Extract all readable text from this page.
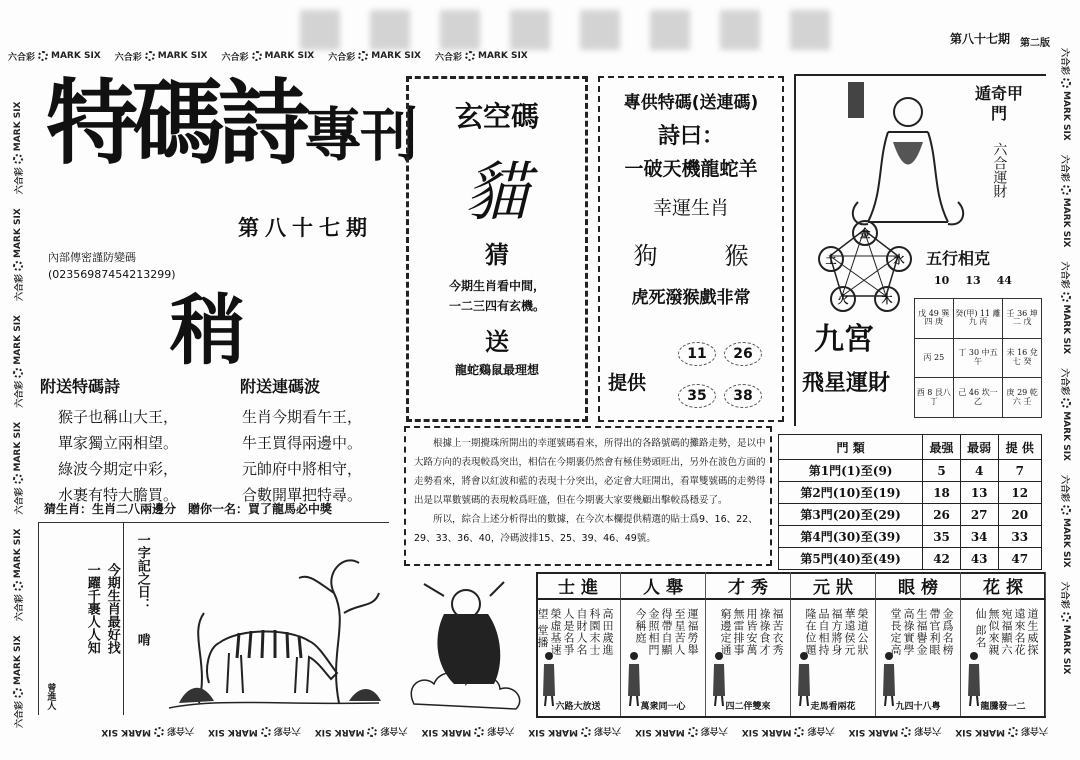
六合彩 MARK SIX 六合彩 MARK SIX 六合彩 MARK SIX 六合彩 MARK SIX 六合彩 MARK SIX
六合彩
MARK SIX
六合彩
MARK SIX
六合彩
MARK SIX
六合彩
MARK SIX
六合彩
MARK SIX
六合彩
MARK SIX
六合彩
MARK SIX
六合彩
MARK SIX
六合彩
MARK SIX
六合彩
MARK SIX
六合彩
MARK SIX
六合彩
MARK SIX
六合彩
MARK SIX
六合彩
MARK SIX
六合彩
MARK SIX
六合彩
MARK SIX
六合彩
MARK SIX
六合彩
MARK SIX
六合彩
MARK SIX
六合彩
MARK SIX
六合彩
MARK SIX
第八十七期 第二版
特碼詩專刊
第八十七期
內部傳密謹防變碼
(02356987454213299)
稍
附送特碼詩
猴子也稱山大王，
單家獨立兩相望。
綠波今期定中彩，
水裹有特大膽買。
附送連碼波
生肖今期看午王，
牛王買得兩邊中。
元帥府中將相守，
合數開單把特尋。
猜生肖：生肖二八兩邊分　贈你一名：買了龍馬必中獎
一躍千裹人人知 今期生肖最好找
曾進人
一字記之日：
啃
玄空碼
貓
猜
今期生肖看中間，
一二三四有玄機。
送
龍蛇鷄鼠最理想
專供特碼(送連碼)
詩曰：
一破天機龍蛇羊
幸運生肖
狗	猴
虎死潑猴戲非常
提供
11	26
35	38
遁奇甲門
六合運財
金
水
木
火
土	五行相克
10 13 44
九宮
飛星運財
戊 49 巽四 庚	癸(甲) 11 離九 丙	壬 36 坤二 戊
丙 25	丁 30 中五 午	未 16 兌七 癸
酉 8 艮八 丁	己 46 坎一 乙	庚 29 乾六 壬
根據上一期攪珠所開出的幸運號碼看來，所得出的各路號碼的攤路走勢，是以中大路方向的表現較爲突出，相信在今期裹仍然會有極佳勢頭旺出，另外在波色方面的走勢看來，將會以紅波和藍的表現十分突出，必定會大旺開出，看單雙號碼的走勢得出是以單數號碼的表現較爲旺盛，但在今期裹大家要幾顧出擊較爲穩妥了。
所以，綜合上述分析得出的數據，在今次本欄提供精選的貼士爲9、16、22、29、33、36、40，冷碼波排15、25、39、46、49號。
門 類	最强	最弱	提 供
第1門(1)至(9)	5	4	7
第2門(10)至(19)	18	13	12
第3門(20)至(29)	26	27	20
第4門(30)至(39)	35	34	33
第5門(40)至(49)	42	43	47
士 進
高田歲進
科園末士
自財人名
人是名爭
榮虛基速
望 堂播
六路大放送
人 舉
運福勞舉
至星苦人
得帶自顯
金照相門
今稱庭
萬衆同一心
才 秀
福苦衣秀
祿祿食才
用皆安萬
無雷排事
窮邊定通
四二伴雙來
元 狀
榮道公狀
華遠侯元
福方將身
品自相持
隆在位題
走馬看兩花
眼 榜
金爲名榜
帶官利眼
生福譽金
高祿實學
堂長定高
九四十八粤
花 探
道生威探
遠來名花
宛福顯六
無似來親
仙 郎名
龍騰發一二
